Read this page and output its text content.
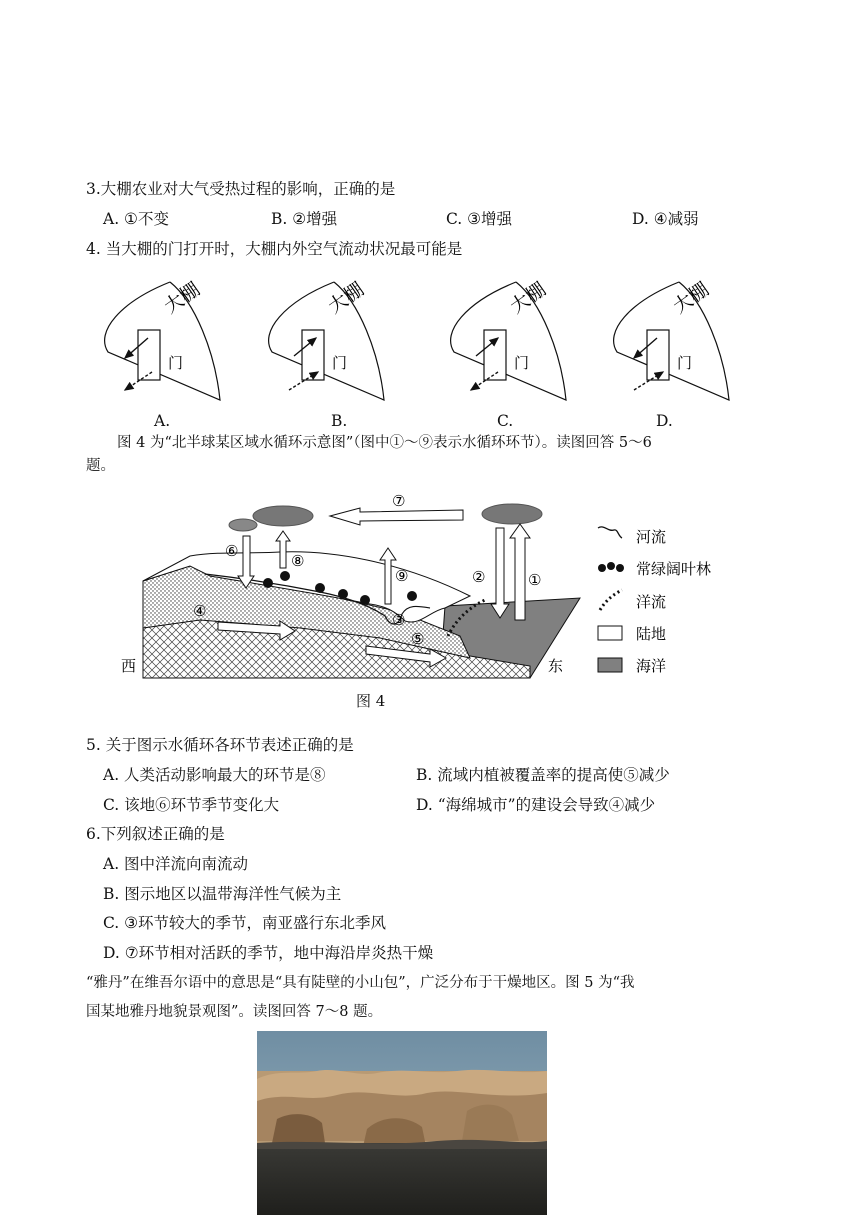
3.大棚农业对大气受热过程的影响，正确的是
A. ①不变	B. ②增强	C. ③增强	D. ④减弱
4. 当大棚的门打开时，大棚内外空气流动状况最可能是
大棚
门
大棚
门
大棚
门
大棚
门
A.	B.	C.	D.
图 4 为“北半球某区域水循环示意图”（图中①～⑨表示水循环环节）。读图回答 5～6
题。
①
②
③
④
⑤
⑥
⑦
⑧
⑨
西	东
河流
常绿阔叶林
洋流
陆地
海洋
图 4
5. 关于图示水循环各环节表述正确的是
A. 人类活动影响最大的环节是⑧	B. 流域内植被覆盖率的提高使⑤减少
C. 该地⑥环节季节变化大	D. “海绵城市”的建设会导致④减少
6.下列叙述正确的是
A. 图中洋流向南流动
B. 图示地区以温带海洋性气候为主
C. ③环节较大的季节，南亚盛行东北季风
D. ⑦环节相对活跃的季节，地中海沿岸炎热干燥
“雅丹”在维吾尔语中的意思是“具有陡壁的小山包”，广泛分布于干燥地区。图 5 为“我
国某地雅丹地貌景观图”。读图回答 7～8 题。
